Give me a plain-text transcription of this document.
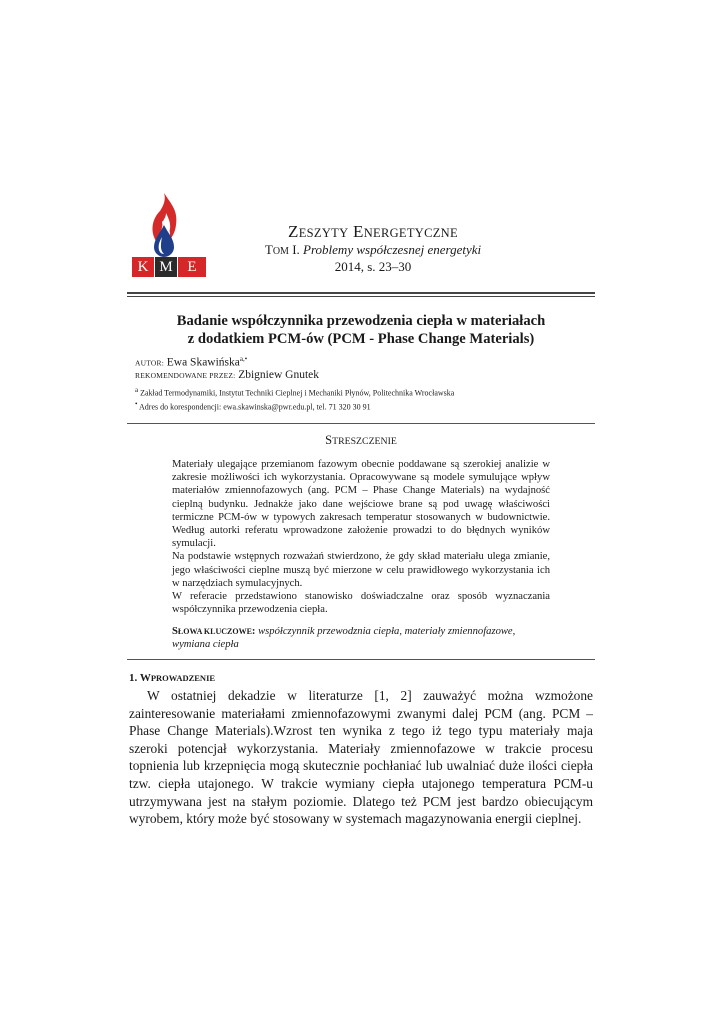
K M E
ZESZYTY ENERGETYCZNE
TOM I. Problemy współczesnej energetyki
2014, s. 23–30
Badanie współczynnika przewodzenia ciepła w materiałach
z dodatkiem PCM-ów (PCM - Phase Change Materials)
AUTOR: Ewa Skawińska$^{a,•}$
REKOMENDOWANE PRZEZ: Zbigniew Gnutek
a Zakład Termodynamiki, Instytut Techniki Cieplnej i Mechaniki Płynów, Politechnika Wrocławska
• Adres do korespondencji: ewa.skawinska@pwr.edu.pl, tel. 71 320 30 91
STRESZCZENIE

Materiały ulegające przemianom fazowym obecnie poddawane są szerokiej analizie w zakresie możliwości ich wykorzystania. Opracowywane są modele symulujące wpływ materiałów zmiennofazowych (ang. PCM – Phase Change Materials) na wydajność cieplną budynku. Jednakże jako dane wejściowe brane są pod uwagę właściwości termiczne PCM-ów w typowych zakresach temperatur stosowanych w budownictwie. Według autorki referatu wprowadzone założenie prowadzi to do błędnych wyników symulacji.

Na podstawie wstępnych rozważań stwierdzono, że gdy skład materiału ulega zmianie, jego właściwości cieplne muszą być mierzone w celu prawidłowego wykorzystania ich w narzędziach symulacyjnych.

W referacie przedstawiono stanowisko doświadczalne oraz sposób wyznaczania współczynnika przewodzenia ciepła.

SŁOWA KLUCZOWE: współczynnik przewodznia ciepła, materiały zmiennofazowe, wymiana ciepła
1. WPROWADZENIE

W ostatniej dekadzie w literaturze [1, 2] zauważyć można wzmożone zainteresowanie materiałami zmiennofazowymi zwanymi dalej PCM (ang. PCM – Phase Change Materials).Wzrost ten wynika z tego iż tego typu materiały maja szeroki potencjał wykorzystania. Materiały zmiennofazowe w trakcie procesu topnienia lub krzepnięcia mogą skutecznie pochłaniać lub uwalniać duże ilości ciepła tzw. ciepła utajonego. W trakcie wymiany ciepła utajonego temperatura PCM-u utrzymywana jest na stałym poziomie. Dlatego też PCM jest bardzo obiecującym wyrobem, który może być stosowany w systemach magazynowania energii cieplnej.
